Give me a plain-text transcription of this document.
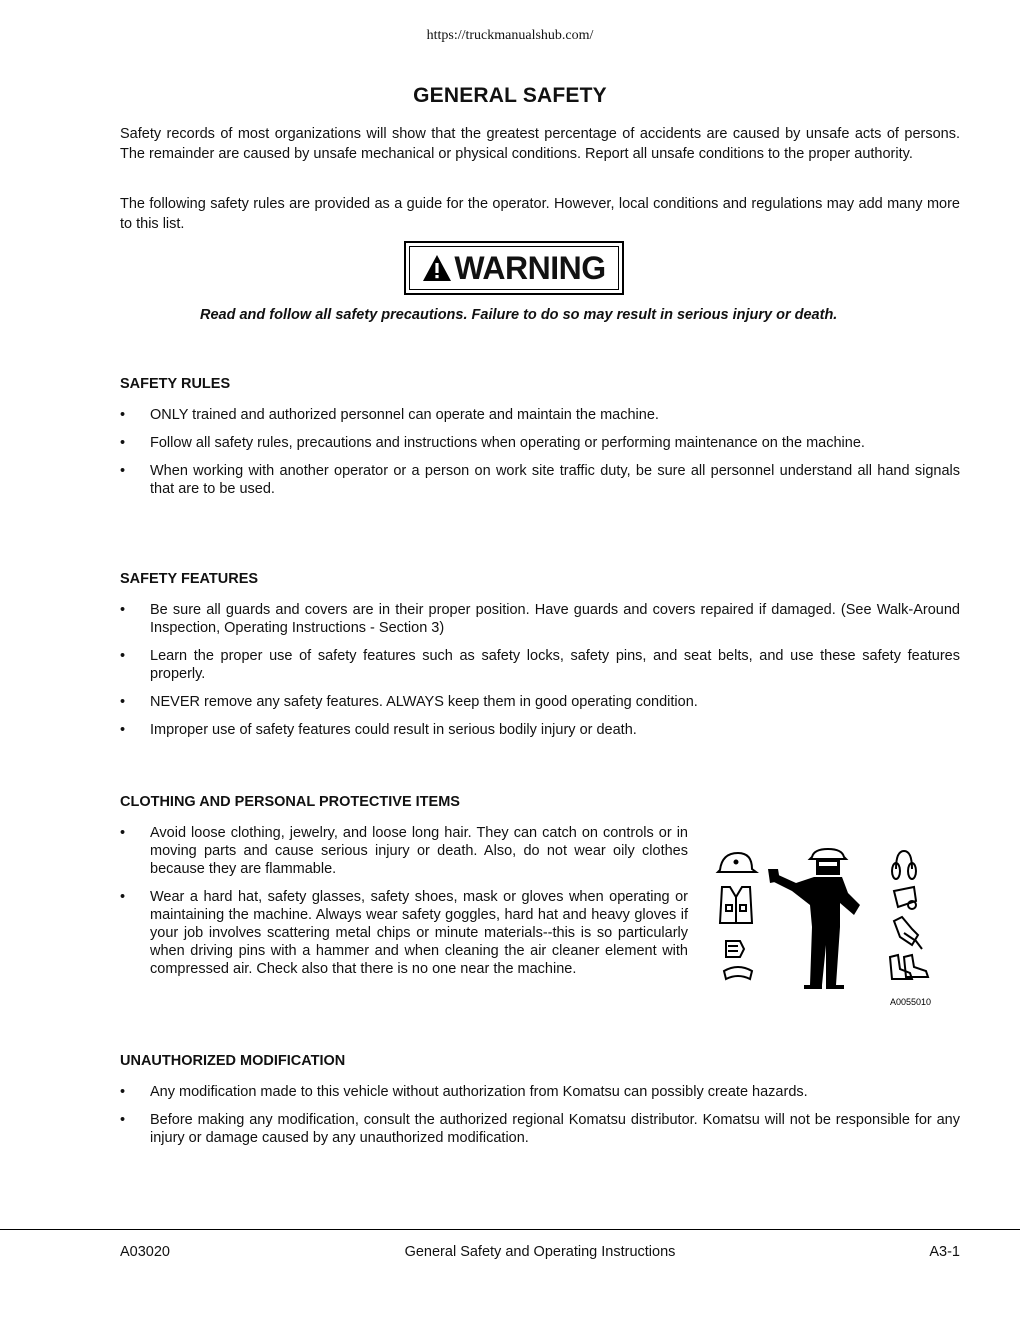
https://truckmanualshub.com/
GENERAL SAFETY

Safety records of most organizations will show that the greatest percentage of accidents are caused by unsafe acts of persons. The remainder are caused by unsafe mechanical or physical conditions. Report all unsafe conditions to the proper authority.

The following safety rules are provided as a guide for the operator. However, local conditions and regulations may add many more to this list.

WARNING

Read and follow all safety precautions. Failure to do so may result in serious injury or death.

SAFETY RULES
• ONLY trained and authorized personnel can operate and maintain the machine.
• Follow all safety rules, precautions and instructions when operating or performing maintenance on the machine.
• When working with another operator or a person on work site traffic duty, be sure all personnel understand all hand signals that are to be used.
SAFETY FEATURES
• Be sure all guards and covers are in their proper position. Have guards and covers repaired if damaged. (See Walk-Around Inspection, Operating Instructions - Section 3)
• Learn the proper use of safety features such as safety locks, safety pins, and seat belts, and use these safety features properly.
• NEVER remove any safety features. ALWAYS keep them in good operating condition.
• Improper use of safety features could result in serious bodily injury or death.
CLOTHING AND PERSONAL PROTECTIVE ITEMS
• Avoid loose clothing, jewelry, and loose long hair. They can catch on controls or in moving parts and cause serious injury or death. Also, do not wear oily clothes because they are flammable.
• Wear a hard hat, safety glasses, safety shoes, mask or gloves when operating or maintaining the machine. Always wear safety goggles, hard hat and heavy gloves if your job involves scattering metal chips or minute materials--this is so particularly when driving pins with a hammer and when cleaning the air cleaner element with compressed air. Check also that there is no one near the machine.
A0055010
UNAUTHORIZED MODIFICATION
• Any modification made to this vehicle without authorization from Komatsu can possibly create hazards.
• Before making any modification, consult the authorized regional Komatsu distributor. Komatsu will not be responsible for any injury or damage caused by any unauthorized modification.
A03020	General Safety and Operating Instructions	A3-1
